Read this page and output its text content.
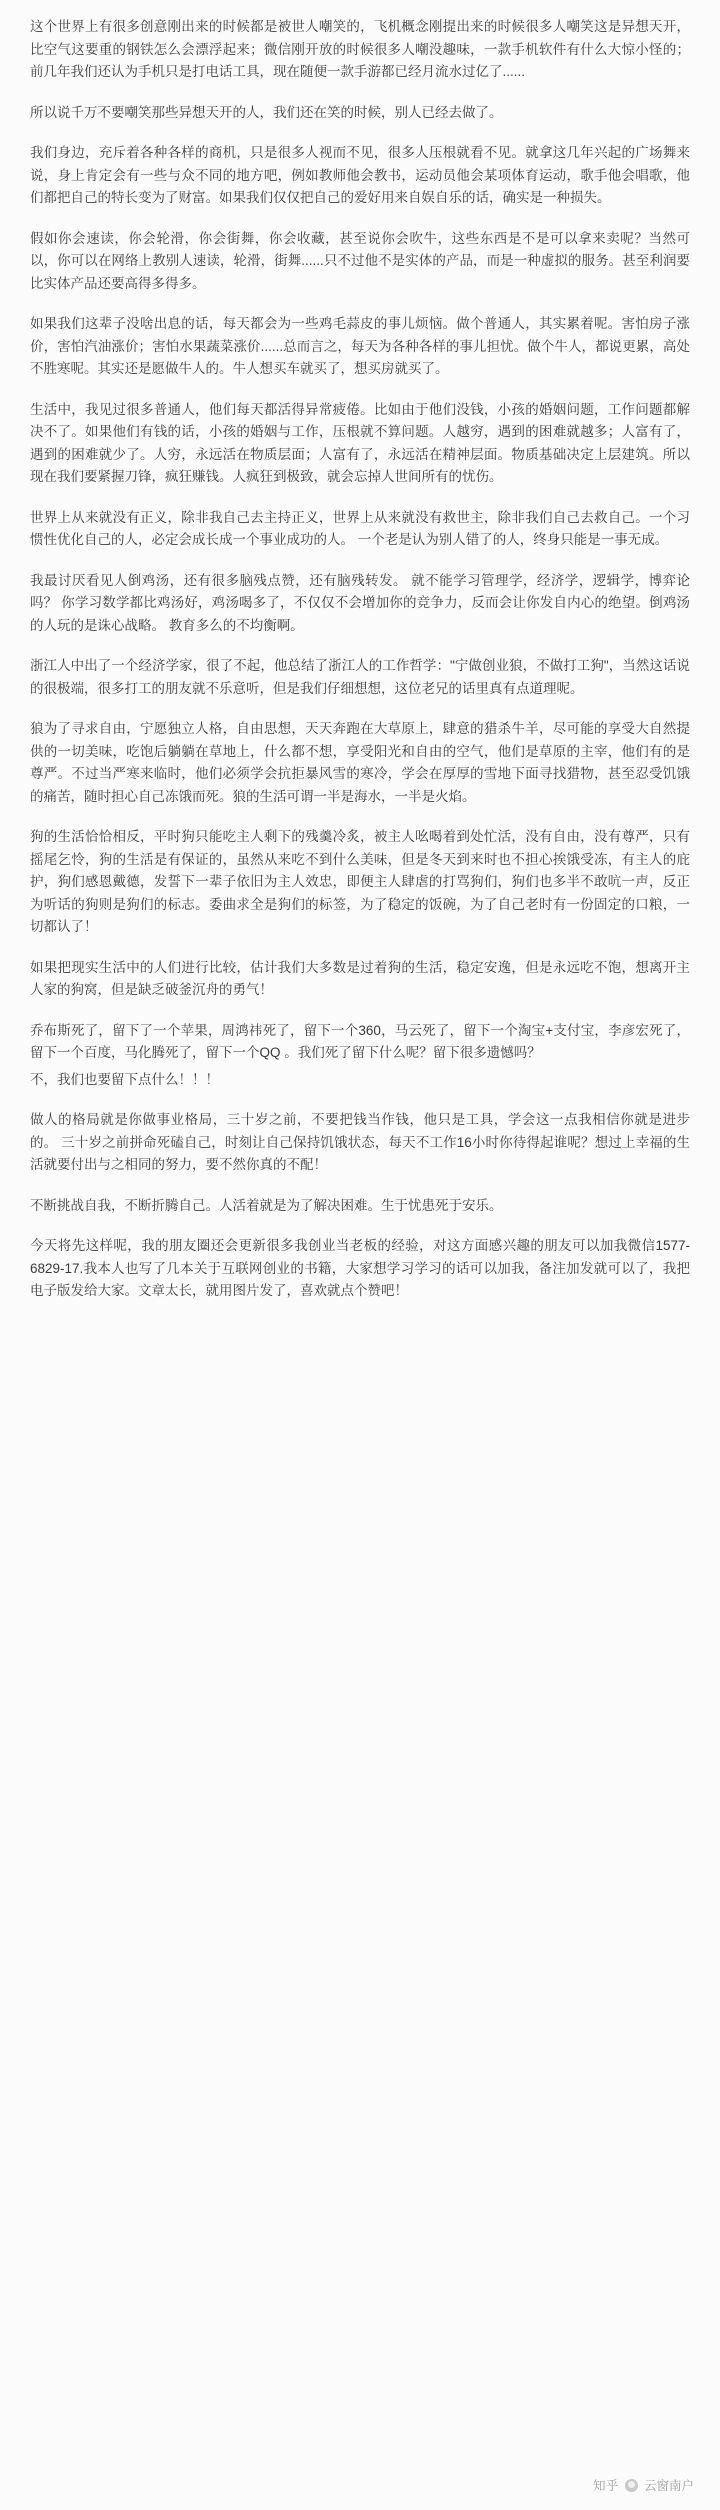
这个世界上有很多创意刚出来的时候都是被世人嘲笑的，飞机概念刚提出来的时候很多人嘲笑这是异想天开，比空气这要重的钢铁怎么会漂浮起来；微信刚开放的时候很多人嘲没趣味，一款手机软件有什么大惊小怪的；前几年我们还认为手机只是打电话工具，现在随便一款手游都已经月流水过亿了......

所以说千万不要嘲笑那些异想天开的人，我们还在笑的时候，别人已经去做了。

我们身边，充斥着各种各样的商机，只是很多人视而不见，很多人压根就看不见。就拿这几年兴起的广场舞来说，身上肯定会有一些与众不同的地方吧，例如教师他会教书，运动员他会某项体育运动，歌手他会唱歌，他们都把自己的特长变为了财富。如果我们仅仅把自己的爱好用来自娱自乐的话，确实是一种损失。

假如你会速读，你会轮滑，你会街舞，你会收藏，甚至说你会吹牛，这些东西是不是可以拿来卖呢？当然可以，你可以在网络上教别人速读，轮滑，街舞......只不过他不是实体的产品，而是一种虚拟的服务。甚至利润要比实体产品还要高得多得多。

如果我们这辈子没啥出息的话，每天都会为一些鸡毛蒜皮的事儿烦恼。做个普通人，其实累着呢。害怕房子涨价，害怕汽油涨价；害怕水果蔬菜涨价......总而言之，每天为各种各样的事儿担忧。做个牛人，都说更累，高处不胜寒呢。其实还是愿做牛人的。牛人想买车就买了，想买房就买了。

生活中，我见过很多普通人，他们每天都活得异常疲倦。比如由于他们没钱，小孩的婚姻问题，工作问题都解决不了。如果他们有钱的话，小孩的婚姻与工作，压根就不算问题。人越穷，遇到的困难就越多；人富有了，遇到的困难就少了。人穷，永远活在物质层面；人富有了，永远活在精神层面。物质基础决定上层建筑。所以现在我们要紧握刀锋，疯狂赚钱。人疯狂到极致，就会忘掉人世间所有的忧伤。

世界上从来就没有正义，除非我自己去主持正义，世界上从来就没有救世主，除非我们自己去救自己。一个习惯性优化自己的人，必定会成长成一个事业成功的人。 一个老是认为别人错了的人，终身只能是一事无成。

我最讨厌看见人倒鸡汤，还有很多脑残点赞，还有脑残转发。 就不能学习管理学，经济学，逻辑学，博弈论吗？ 你学习数学都比鸡汤好，鸡汤喝多了，不仅仅不会增加你的竞争力，反而会让你发自内心的绝望。倒鸡汤的人玩的是诛心战略。 教育多么的不均衡啊。

浙江人中出了一个经济学家，很了不起，他总结了浙江人的工作哲学："宁做创业狼，不做打工狗"，当然这话说的很极端，很多打工的朋友就不乐意听，但是我们仔细想想，这位老兄的话里真有点道理呢。

狼为了寻求自由，宁愿独立人格，自由思想，天天奔跑在大草原上，肆意的猎杀牛羊，尽可能的享受大自然提供的一切美味，吃饱后躺躺在草地上，什么都不想，享受阳光和自由的空气，他们是草原的主宰，他们有的是尊严。不过当严寒来临时，他们必须学会抗拒暴风雪的寒冷，学会在厚厚的雪地下面寻找猎物，甚至忍受饥饿的痛苦，随时担心自己冻饿而死。狼的生活可谓一半是海水，一半是火焰。

狗的生活恰恰相反，平时狗只能吃主人剩下的残羹冷炙，被主人吆喝着到处忙活，没有自由，没有尊严，只有摇尾乞怜，狗的生活是有保证的，虽然从来吃不到什么美味，但是冬天到来时也不担心挨饿受冻，有主人的庇护，狗们感恩戴德，发誓下一辈子依旧为主人效忠，即便主人肆虐的打骂狗们，狗们也多半不敢吭一声，反正为听话的狗则是狗们的标志。委曲求全是狗们的标签，为了稳定的饭碗，为了自己老时有一份固定的口粮，一切都认了！

如果把现实生活中的人们进行比较，估计我们大多数是过着狗的生活，稳定安逸，但是永远吃不饱，想离开主人家的狗窝，但是缺乏破釜沉舟的勇气！

乔布斯死了，留下了一个苹果，周鸿祎死了，留下一个360，马云死了，留下一个淘宝+支付宝，李彦宏死了，留下一个百度，马化腾死了，留下一个QQ 。我们死了留下什么呢？留下很多遗憾吗？

不，我们也要留下点什么！！！

做人的格局就是你做事业格局，三十岁之前，不要把钱当作钱，他只是工具，学会这一点我相信你就是进步的。 三十岁之前拼命死磕自己，时刻让自己保持饥饿状态，每天不工作16小时你待得起谁呢？想过上幸福的生活就要付出与之相同的努力，要不然你真的不配！

不断挑战自我，不断折腾自己。人活着就是为了解决困难。生于忧患死于安乐。

今天将先这样呢，我的朋友圈还会更新很多我创业当老板的经验，对这方面感兴趣的朋友可以加我微信1577-6829-17.我本人也写了几本关于互联网创业的书籍，大家想学习学习的话可以加我，备注加发就可以了，我把电子版发给大家。文章太长，就用图片发了，喜欢就点个赞吧！

知乎 云窗南户
